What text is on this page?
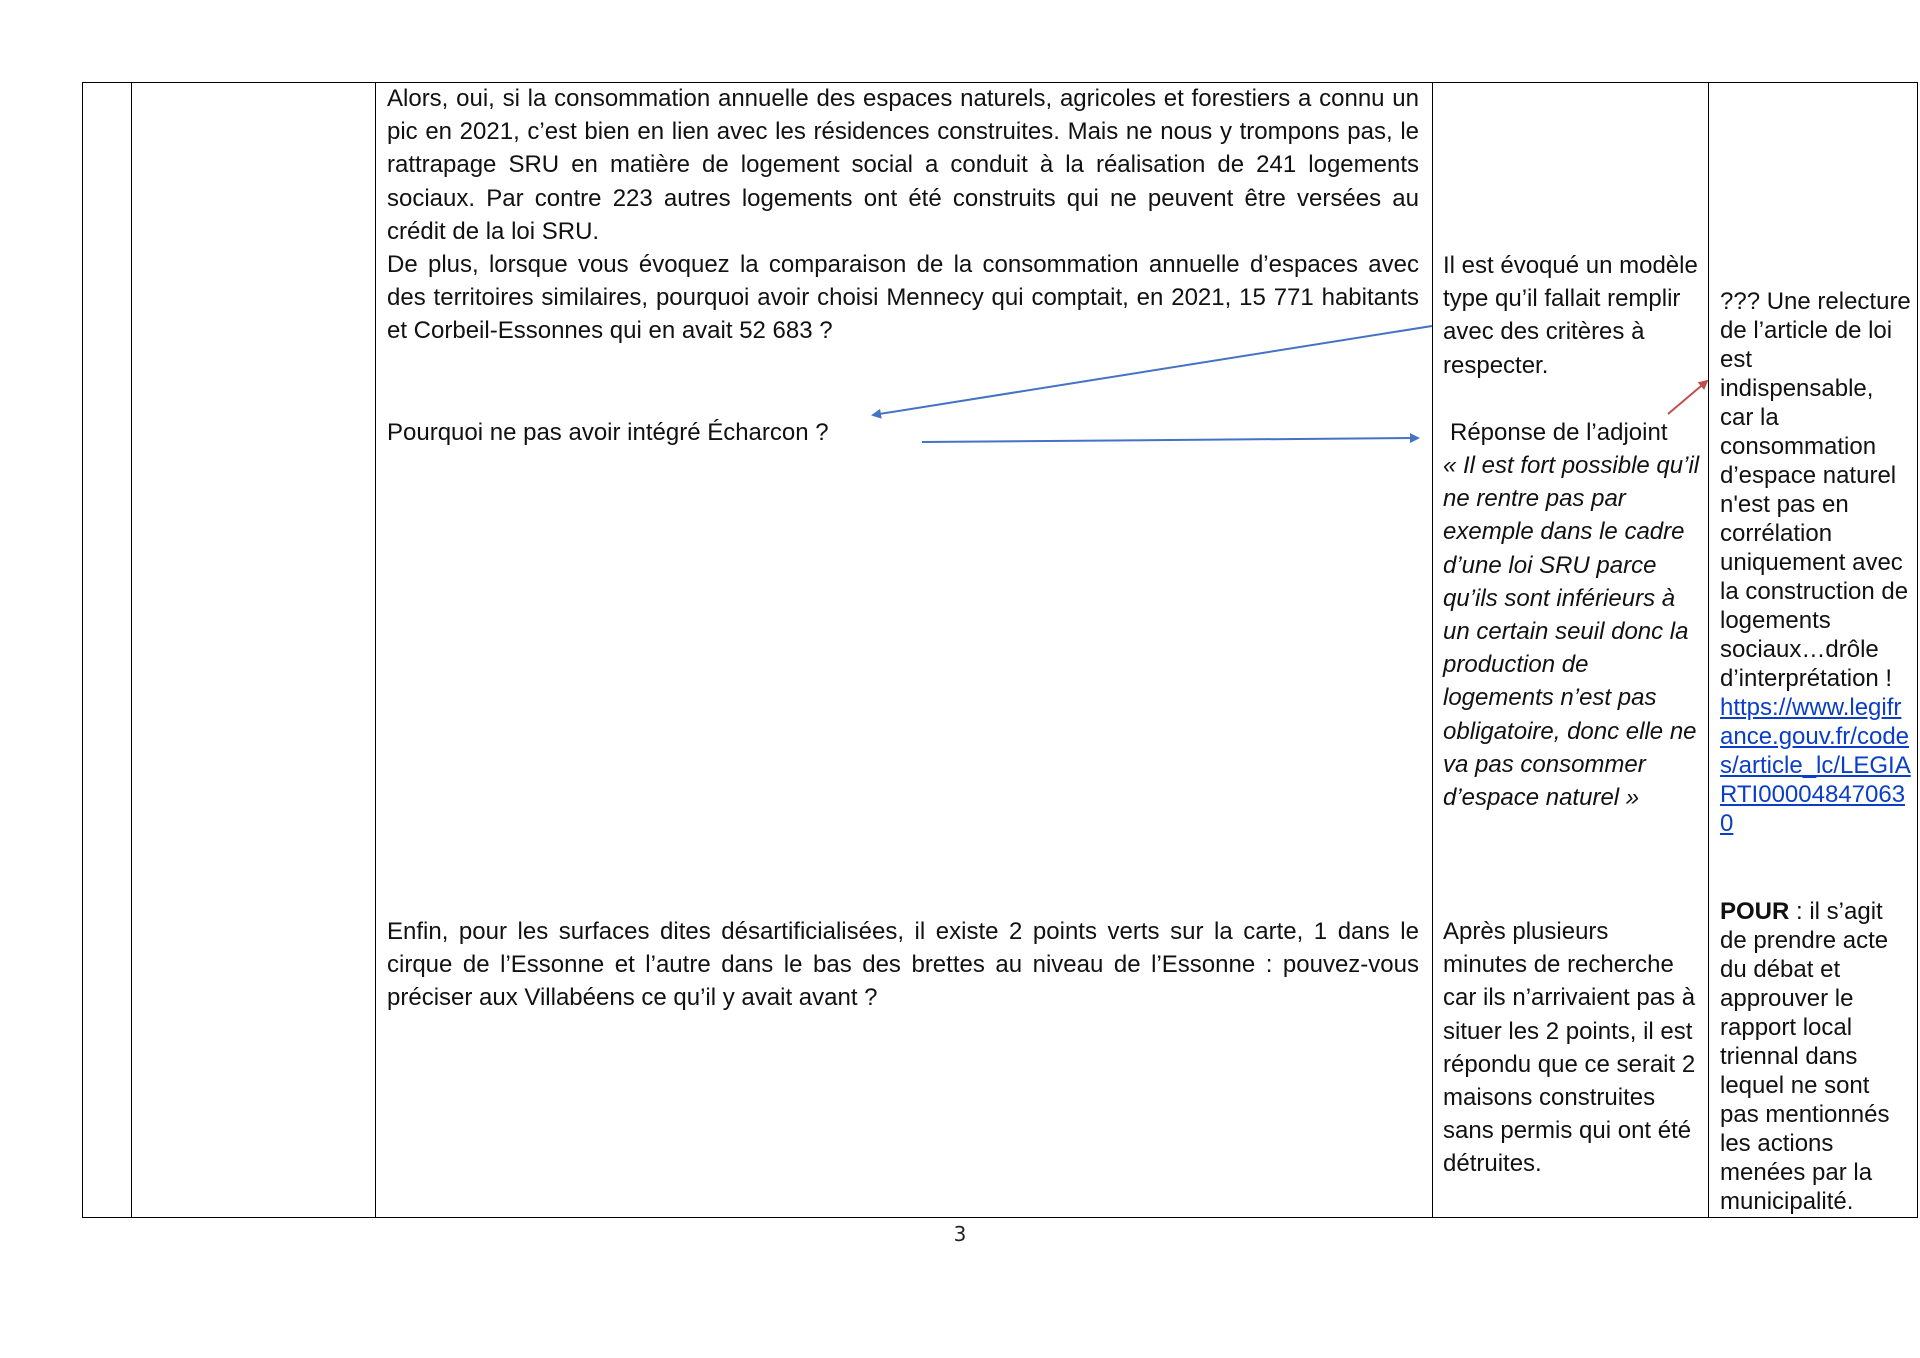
Alors, oui, si la consommation annuelle des espaces naturels, agricoles et forestiers a connu un pic en 2021, c’est bien en lien avec les résidences construites. Mais ne nous y trompons pas, le rattrapage SRU en matière de logement social a conduit à la réalisation de 241 logements sociaux. Par contre 223 autres logements ont été construits qui ne peuvent être versées au crédit de la loi SRU.

De plus, lorsque vous évoquez la comparaison de la consommation annuelle d’espaces avec des territoires similaires, pourquoi avoir choisi Mennecy qui comptait, en 2021, 15 771 habitants et Corbeil-Essonnes qui en avait 52 683 ?

Pourquoi ne pas avoir intégré Écharcon ?
Enfin, pour les surfaces dites désartificialisées, il existe 2 points verts sur la carte, 1 dans le cirque de l’Essonne et l’autre dans le bas des brettes au niveau de l’Essonne : pouvez-vous préciser aux Villabéens ce qu’il y avait avant ?
Il est évoqué un modèle type qu’il fallait remplir avec des critères à respecter.
Réponse de l’adjoint
« Il est fort possible qu’il ne rentre pas par exemple dans le cadre d’une loi SRU parce qu’ils sont inférieurs à un certain seuil donc la production de logements n’est pas obligatoire, donc elle ne va pas consommer d’espace naturel »
Après plusieurs minutes de recherche car ils n’arrivaient pas à situer les 2 points, il est répondu que ce serait 2 maisons construites sans permis qui ont été détruites.
??? Une relecture de l’article de loi est indispensable, car la consommation d’espace naturel n'est pas en corrélation uniquement avec la construction de logements sociaux…drôle d’interprétation ! https://www.legifrance.gouv.fr/codes/article_lc/LEGIARTI000048470630
POUR : il s’agit de prendre acte du débat et approuver le rapport local triennal dans lequel ne sont pas mentionnés les actions menées par la municipalité.
3
